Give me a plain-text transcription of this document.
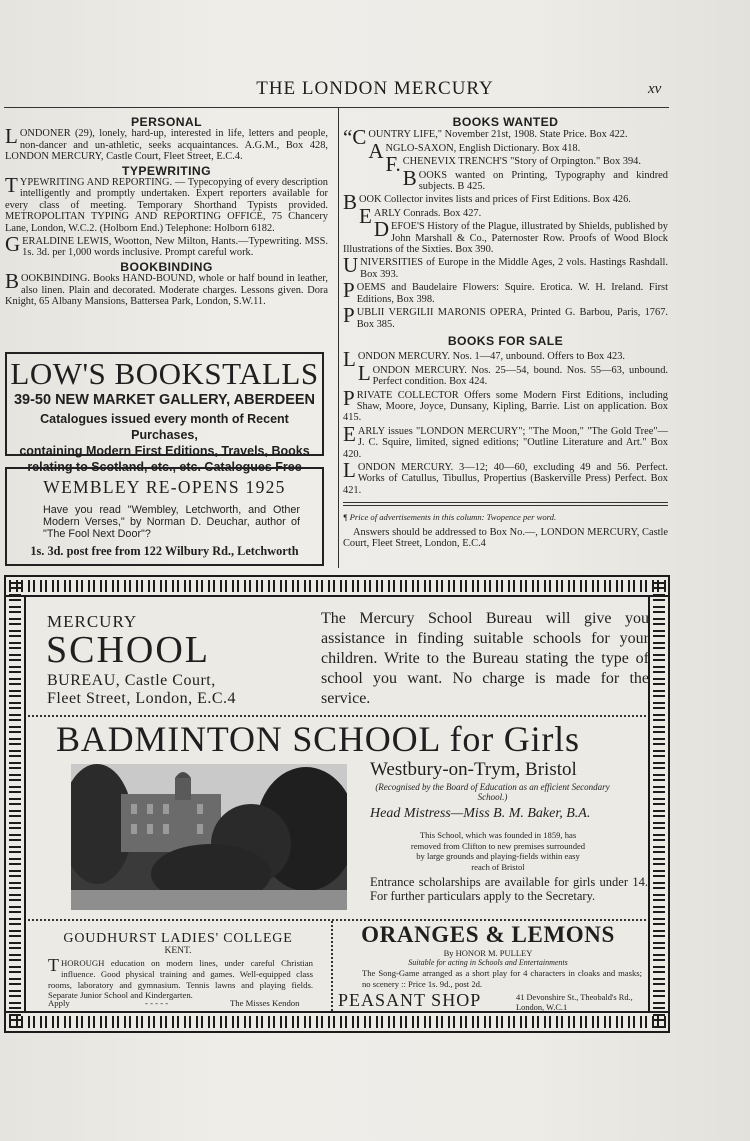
THE LONDON MERCURY	xv
PERSONAL

LONDONER (29), lonely, hard-up, interested in life, letters and people, non-dancer and un-athletic, seeks acquaintances. A.G.M., Box 428, LONDON MERCURY, Castle Court, Fleet Street, E.C.4.

TYPEWRITING

TYPEWRITING AND REPORTING. — Typecopying of every description intelligently and promptly undertaken. Expert reporters available for every class of meeting. Temporary Shorthand Typists provided. METROPOLITAN TYPING AND REPORTING OFFICE, 75 Chancery Lane, London, W.C.2. (Holborn End.) Telephone: Holborn 6182.

GERALDINE LEWIS, Wootton, New Milton, Hants.—Typewriting. MSS. 1s. 3d. per 1,000 words inclusive. Prompt careful work.

BOOKBINDING

BOOKBINDING. Books HAND-BOUND, whole or half bound in leather, also linen. Plain and decorated. Moderate charges. Lessons given. Dora Knight, 65 Albany Mansions, Battersea Park, London, S.W.11.

LOW'S BOOKSTALLS
39-50 NEW MARKET GALLERY, ABERDEEN
Catalogues issued every month of Recent Purchases,
containing Modern First Editions, Travels, Books
relating to Scotland, etc., etc. Catalogues Free
WEMBLEY RE-OPENS 1925
Have you read "Wembley, Letchworth, and Other Modern Verses," by Norman D. Deuchar, author of "The Fool Next Door"?
1s. 3d. post free from 122 Wilbury Rd., Letchworth
BOOKS WANTED

“COUNTRY LIFE," November 21st, 1908. State Price. Box 422.

ANGLO-SAXON, English Dictionary. Box 418.

F. CHENEVIX TRENCH'S "Story of Orpington." Box 394.

BOOKS wanted on Printing, Typography and kindred subjects. B 425.

BOOK Collector invites lists and prices of First Editions. Box 426.

EARLY Conrads. Box 427.

DEFOE'S History of the Plague, illustrated by Shields, published by John Marshall & Co., Paternoster Row. Proofs of Wood Block Illustrations of the Sixties. Box 390.

UNIVERSITIES of Europe in the Middle Ages, 2 vols. Hastings Rashdall. Box 393.

POEMS and Baudelaire Flowers: Squire. Erotica. W. H. Ireland. First Editions, Box 398.

PUBLII VERGILII MARONIS OPERA, Printed G. Barbou, Paris, 1767. Box 385.

BOOKS FOR SALE

LONDON MERCURY. Nos. 1—47, unbound. Offers to Box 423.

LONDON MERCURY. Nos. 25—54, bound. Nos. 55—63, unbound. Perfect condition. Box 424.

PRIVATE COLLECTOR Offers some Modern First Editions, including Shaw, Moore, Joyce, Dunsany, Kipling, Barrie. List on application. Box 415.

EARLY issues "LONDON MERCURY"; "The Moon," "The Gold Tree"—J. C. Squire, limited, signed editions; "Outline Literature and Art." Box 420.

LONDON MERCURY. 3—12; 40—60, excluding 49 and 56. Perfect. Works of Catullus, Tibullus, Propertius (Baskerville Press) Perfect. Box 421.

¶ Price of advertisements in this column: Twopence per word.
Answers should be addressed to Box No.—, LONDON MERCURY, Castle Court, Fleet Street, London, E.C.4
MERCURY
SCHOOL
BUREAU, Castle Court,
Fleet Street, London, E.C.4
The Mercury School Bureau will give you assistance in finding suitable schools for your children. Write to the Bureau stating the type of school you want. No charge is made for the service.
BADMINTON SCHOOL for Girls
Westbury-on-Trym, Bristol
(Recognised by the Board of Education as an efficient Secondary School.)
Head Mistress—Miss B. M. Baker, B.A.
This School, which was founded in 1859, has removed from Clifton to new premises surrounded by large grounds and playing-fields within easy reach of Bristol
Entrance scholarships are available for girls under 14. For further particulars apply to the Secretary.
GOUDHURST LADIES' COLLEGE
KENT.
THOROUGH education on modern lines, under careful Christian influence. Good physical training and games. Well-equipped class rooms, laboratory and gymnasium. Tennis lawns and playing fields. Separate Junior School and Kindergarten.
Apply	- - - - -	The Misses Kendon
ORANGES & LEMONS
By HONOR M. PULLEY
Suitable for acting in Schools and Entertainments
The Song-Game arranged as a short play for 4 characters in cloaks and masks; no scenery :: Price 1s. 9d., post 2d.
PEASANT SHOP	41 Devonshire St., Theobald's Rd., London, W.C.1
